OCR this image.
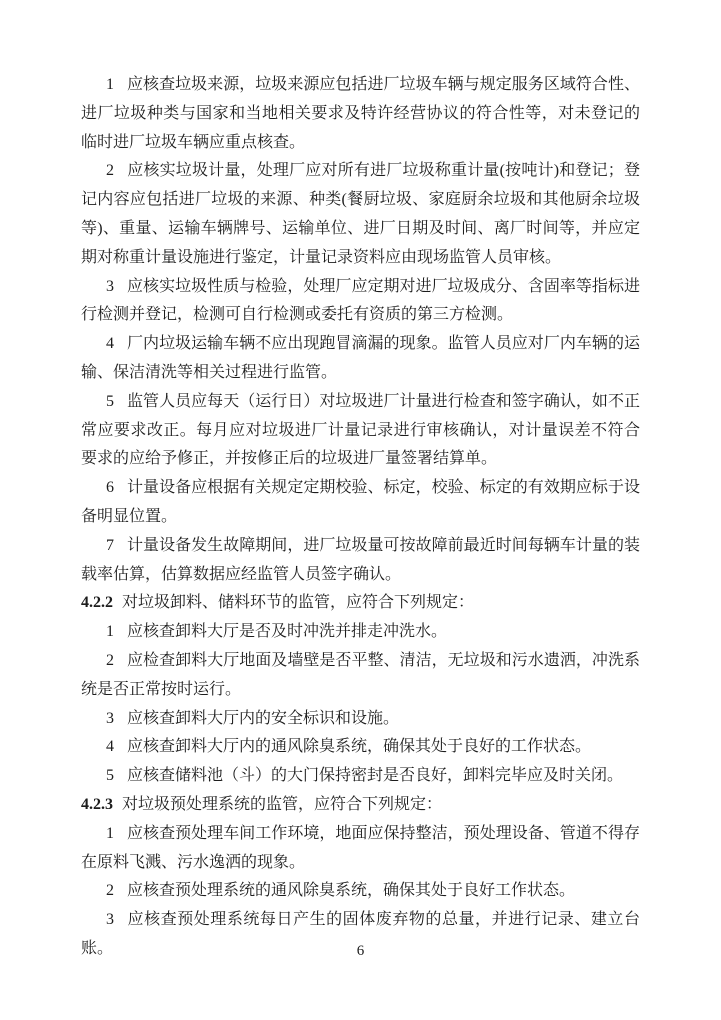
1 应核查垃圾来源，垃圾来源应包括进厂垃圾车辆与规定服务区域符合性、进厂垃圾种类与国家和当地相关要求及特许经营协议的符合性等，对未登记的临时进厂垃圾车辆应重点核查。

2 应核实垃圾计量，处理厂应对所有进厂垃圾称重计量(按吨计)和登记；登记内容应包括进厂垃圾的来源、种类(餐厨垃圾、家庭厨余垃圾和其他厨余垃圾等)、重量、运输车辆牌号、运输单位、进厂日期及时间、离厂时间等，并应定期对称重计量设施进行鉴定，计量记录资料应由现场监管人员审核。

3 应核实垃圾性质与检验，处理厂应定期对进厂垃圾成分、含固率等指标进行检测并登记，检测可自行检测或委托有资质的第三方检测。

4 厂内垃圾运输车辆不应出现跑冒滴漏的现象。监管人员应对厂内车辆的运输、保洁清洗等相关过程进行监管。

5 监管人员应每天（运行日）对垃圾进厂计量进行检查和签字确认，如不正常应要求改正。每月应对垃圾进厂计量记录进行审核确认，对计量误差不符合要求的应给予修正，并按修正后的垃圾进厂量签署结算单。

6 计量设备应根据有关规定定期校验、标定，校验、标定的有效期应标于设备明显位置。

7 计量设备发生故障期间，进厂垃圾量可按故障前最近时间每辆车计量的装载率估算，估算数据应经监管人员签字确认。

4.2.2 对垃圾卸料、储料环节的监管，应符合下列规定：

1 应核查卸料大厅是否及时冲洗并排走冲洗水。

2 应检查卸料大厅地面及墙壁是否平整、清洁，无垃圾和污水遗洒，冲洗系统是否正常按时运行。

3 应核查卸料大厅内的安全标识和设施。

4 应核查卸料大厅内的通风除臭系统，确保其处于良好的工作状态。

5 应核查储料池（斗）的大门保持密封是否良好，卸料完毕应及时关闭。

4.2.3 对垃圾预处理系统的监管，应符合下列规定：

1 应核查预处理车间工作环境，地面应保持整洁，预处理设备、管道不得存在原料飞溅、污水逸洒的现象。

2 应核查预处理系统的通风除臭系统，确保其处于良好工作状态。

3 应核查预处理系统每日产生的固体废弃物的总量，并进行记录、建立台账。	6
